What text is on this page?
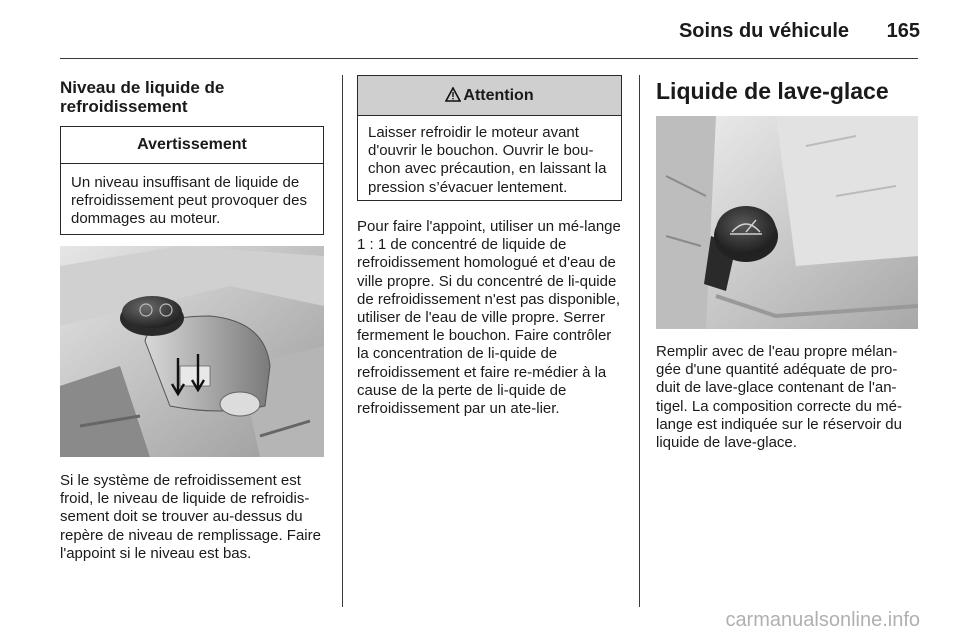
Soins du véhicule 165
Niveau de liquide de refroidissement
Avertissement
Un niveau insuffisant de liquide de refroidissement peut provoquer des dommages au moteur.

Si le système de refroidissement est froid, le niveau de liquide de refroidis-sement doit se trouver au-dessus du repère de niveau de remplissage. Faire l'appoint si le niveau est bas.

Attention
Laisser refroidir le moteur avant d'ouvrir le bouchon. Ouvrir le bou-chon avec précaution, en laissant la pression s’évacuer lentement.

Pour faire l'appoint, utiliser un mé-lange 1 : 1 de concentré de liquide de refroidissement homologué et d'eau de ville propre. Si du concentré de li-quide de refroidissement n'est pas disponible, utiliser de l'eau de ville propre. Serrer fermement le bouchon. Faire contrôler la concentration de li-quide de refroidissement et faire re-médier à la cause de la perte de li-quide de refroidissement par un ate-lier.

Liquide de lave-glace

Remplir avec de l'eau propre mélan-gée d'une quantité adéquate de pro-duit de lave-glace contenant de l'an-tigel. La composition correcte du mé-lange est indiquée sur le réservoir du liquide de lave-glace.

carmanualsonline.info
